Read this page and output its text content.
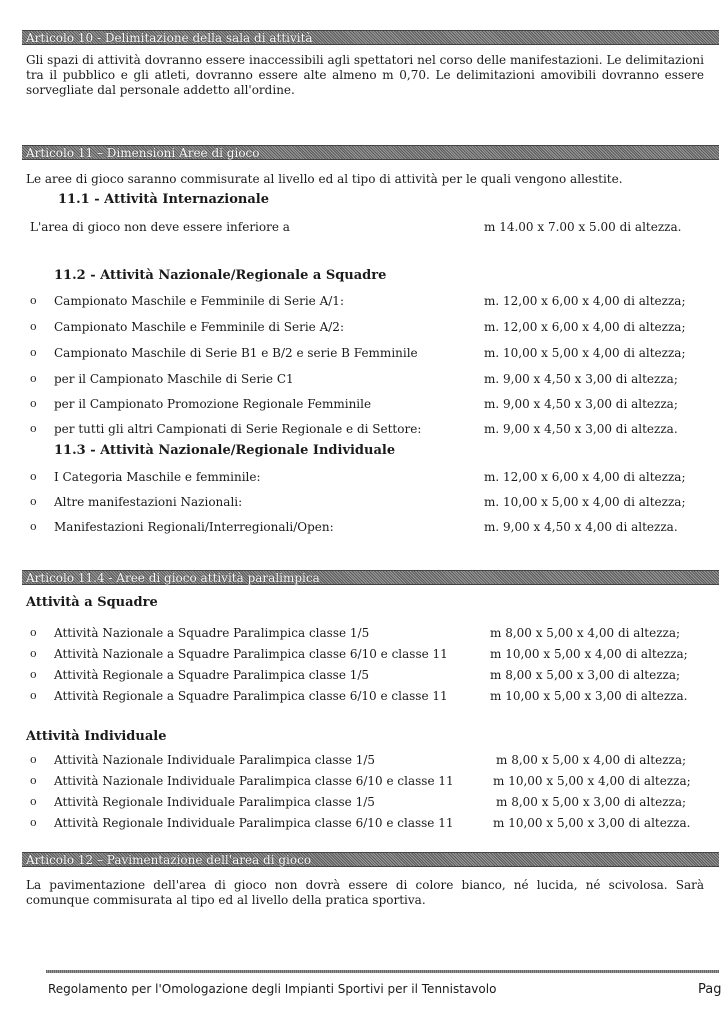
Articolo 10 - Delimitazione della sala di attività
Gli spazi di attività dovranno essere inaccessibili agli spettatori nel corso delle manifestazioni. Le delimitazioni tra il pubblico e gli atleti, dovranno essere alte almeno m 0,70. Le delimitazioni amovibili dovranno essere sorvegliate dal personale addetto all'ordine.
Articolo 11 – Dimensioni Aree di gioco
Le aree di gioco saranno commisurate al livello ed al tipo di attività per le quali vengono allestite.
11.1 - Attività Internazionale
L'area di gioco non deve essere inferiore a	m 14.00 x 7.00 x 5.00 di altezza.
11.2 - Attività Nazionale/Regionale a Squadre
o Campionato Maschile e Femminile di Serie A/1:	m. 12,00 x 6,00 x 4,00 di altezza;
o Campionato Maschile e Femminile di Serie A/2:	m. 12,00 x 6,00 x 4,00 di altezza;
o Campionato Maschile di Serie B1 e B/2 e serie B Femminile	m. 10,00 x 5,00 x 4,00 di altezza;
o per il Campionato Maschile di Serie C1	m. 9,00 x 4,50 x 3,00 di altezza;
o per il Campionato Promozione Regionale Femminile	m. 9,00 x 4,50 x 3,00 di altezza;
o per tutti gli altri Campionati di Serie Regionale e di Settore:	m. 9,00 x 4,50 x 3,00 di altezza.
11.3 - Attività Nazionale/Regionale Individuale
o I Categoria Maschile e femminile:	m. 12,00 x 6,00 x 4,00 di altezza;
o Altre manifestazioni Nazionali:	m. 10,00 x 5,00 x 4,00 di altezza;
o Manifestazioni Regionali/Interregionali/Open:	m. 9,00 x 4,50 x 4,00 di altezza.
Articolo 11.4 - Aree di gioco attività paralimpica
Attività a Squadre
o Attività Nazionale a Squadre Paralimpica classe 1/5	m 8,00 x 5,00 x 4,00 di altezza;
o Attività Nazionale a Squadre Paralimpica classe 6/10 e classe 11	m 10,00 x 5,00 x 4,00 di altezza;
o Attività Regionale a Squadre Paralimpica classe 1/5	m 8,00 x 5,00 x 3,00 di altezza;
o Attività Regionale a Squadre Paralimpica classe 6/10 e classe 11	m 10,00 x 5,00 x 3,00 di altezza.
Attività Individuale
o Attività Nazionale Individuale Paralimpica classe 1/5	m 8,00 x 5,00 x 4,00 di altezza;
o Attività Nazionale Individuale Paralimpica classe 6/10 e classe 11	m 10,00 x 5,00 x 4,00 di altezza;
o Attività Regionale Individuale Paralimpica classe 1/5	m 8,00 x 5,00 x 3,00 di altezza;
o Attività Regionale Individuale Paralimpica classe 6/10 e classe 11	m 10,00 x 5,00 x 3,00 di altezza.
Articolo 12 – Pavimentazione dell'area di gioco
La pavimentazione dell'area di gioco non dovrà essere di colore bianco, né lucida, né scivolosa. Sarà comunque commisurata al tipo ed al livello della pratica sportiva.
Regolamento per l'Omologazione degli Impianti Sportivi per il Tennistavolo	Pag
